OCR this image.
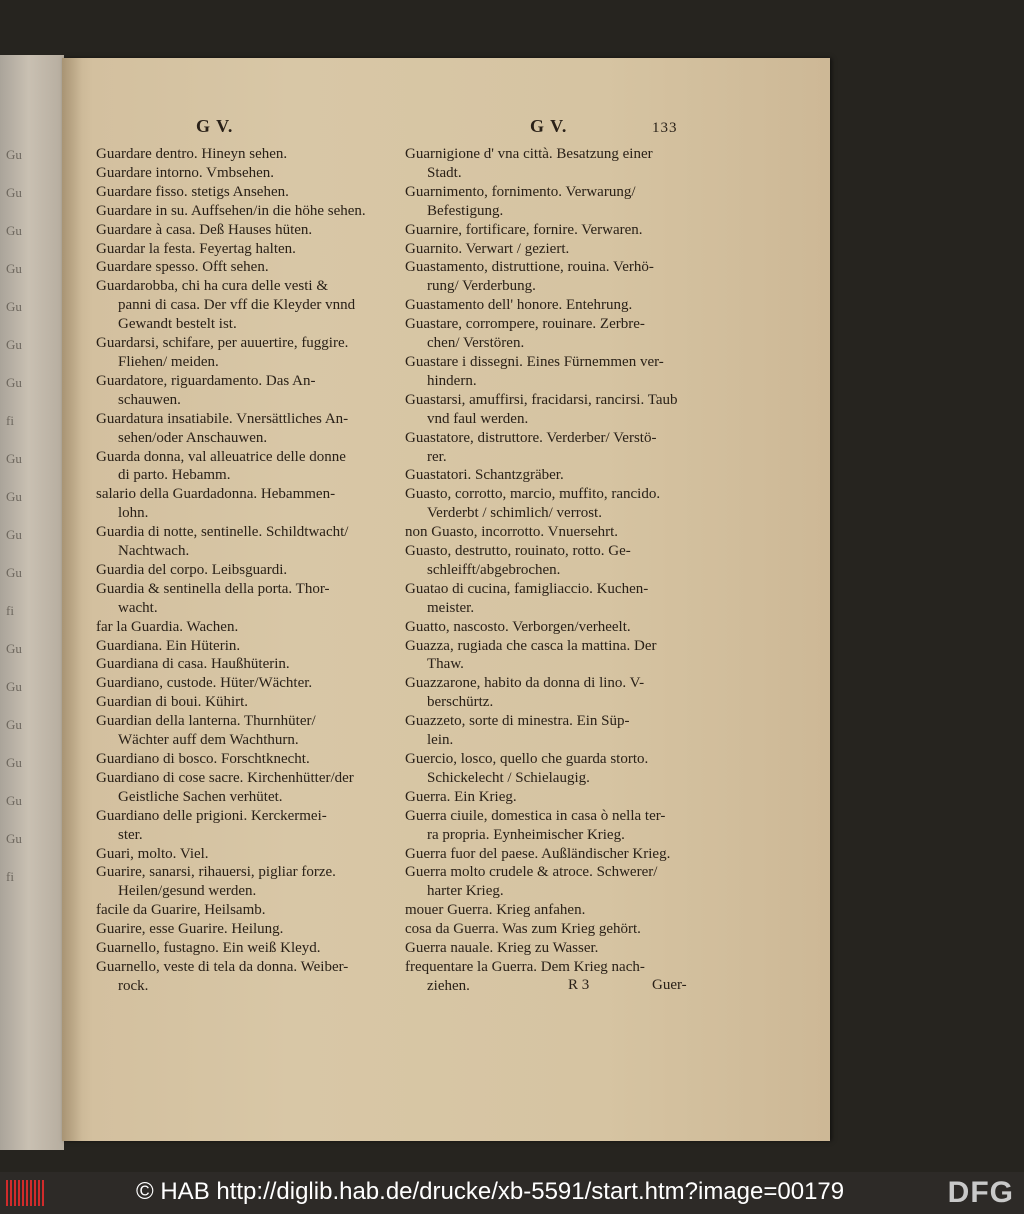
Gu
Gu
Gu
Gu
Gu
Gu
Gu
fi
Gu
Gu
Gu
Gu
fi
Gu
Gu
Gu
Gu
Gu
Gu
fi
G V.	G V.	133

Guardare dentro. Hineyn sehen.

Guardare intorno. Vmbsehen.

Guardare fisso. stetigs Ansehen.

Guardare in su. Auffsehen/in die höhe sehen.

Guardare à casa. Deß Hauses hüten.

Guardar la festa. Feyertag halten.

Guardare spesso. Offt sehen.

Guardarobba, chi ha cura delle vesti &

panni di casa. Der vff die Kleyder vnnd
Gewandt bestelt ist.

Guardarsi, schifare, per auuertire, fuggire.

Fliehen/ meiden.

Guardatore, riguardamento. Das An-

schauwen.

Guardatura insatiabile. Vnersättliches An-

sehen/oder Anschauwen.

Guarda donna, val alleuatrice delle donne

di parto. Hebamm.

salario della Guardadonna. Hebammen-

lohn.

Guardia di notte, sentinelle. Schildtwacht/

Nachtwach.

Guardia del corpo. Leibsguardi.

Guardia & sentinella della porta. Thor-

wacht.

far la Guardia. Wachen.

Guardiana. Ein Hüterin.

Guardiana di casa. Haußhüterin.

Guardiano, custode. Hüter/Wächter.

Guardian di boui. Kühirt.

Guardian della lanterna. Thurnhüter/

Wächter auff dem Wachthurn.

Guardiano di bosco. Forschtknecht.

Guardiano di cose sacre. Kirchenhütter/der

Geistliche Sachen verhütet.

Guardiano delle prigioni. Kerckermei-

ster.

Guari, molto. Viel.

Guarire, sanarsi, rihauersi, pigliar forze.

Heilen/gesund werden.

facile da Guarire, Heilsamb.

Guarire, esse Guarire. Heilung.

Guarnello, fustagno. Ein weiß Kleyd.

Guarnello, veste di tela da donna. Weiber-

rock.

Guarnigione d' vna città. Besatzung einer

Stadt.

Guarnimento, fornimento. Verwarung/

Befestigung.

Guarnire, fortificare, fornire. Verwaren.

Guarnito. Verwart / geziert.

Guastamento, distruttione, rouina. Verhö-

rung/ Verderbung.

Guastamento dell' honore. Entehrung.

Guastare, corrompere, rouinare. Zerbre-

chen/ Verstören.

Guastare i dissegni. Eines Fürnemmen ver-

hindern.

Guastarsi, amuffirsi, fracidarsi, rancirsi. Taub

vnd faul werden.

Guastatore, distruttore. Verderber/ Verstö-

rer.

Guastatori. Schantzgräber.

Guasto, corrotto, marcio, muffito, rancido.

Verderbt / schimlich/ verrost.

non Guasto, incorrotto. Vnuersehrt.

Guasto, destrutto, rouinato, rotto. Ge-

schleifft/abgebrochen.

Guatao di cucina, famigliaccio. Kuchen-

meister.

Guatto, nascosto. Verborgen/verheelt.

Guazza, rugiada che casca la mattina. Der

Thaw.

Guazzarone, habito da donna di lino. V-

berschürtz.

Guazzeto, sorte di minestra. Ein Süp-

lein.

Guercio, losco, quello che guarda storto.

Schickelecht / Schielaugig.

Guerra. Ein Krieg.

Guerra ciuile, domestica in casa ò nella ter-

ra propria. Eynheimischer Krieg.

Guerra fuor del paese. Außländischer Krieg.

Guerra molto crudele & atroce. Schwerer/

harter Krieg.

mouer Guerra. Krieg anfahen.

cosa da Guerra. Was zum Krieg gehört.

Guerra nauale. Krieg zu Wasser.

frequentare la Guerra. Dem Krieg nach-

ziehen.	R 3	Guer-
© HAB http://diglib.hab.de/drucke/xb-5591/start.htm?image=00179	DFG
